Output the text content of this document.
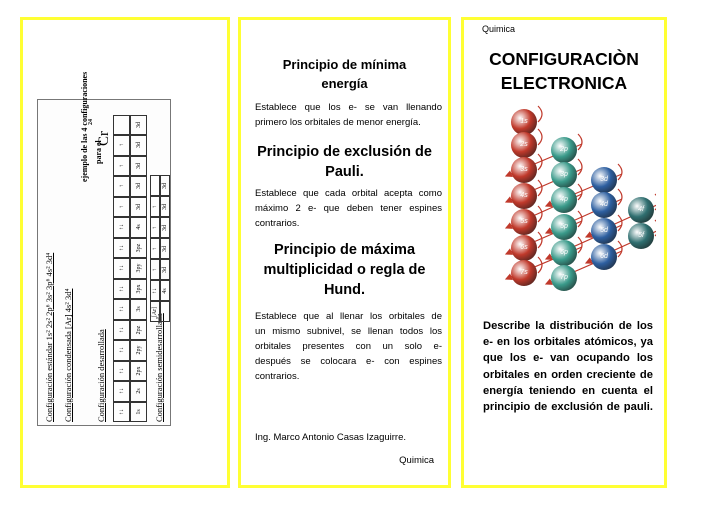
Configuración estándar 1s² 2s² 2p⁶ 3s² 3p⁶ 4s² 3d⁴ Configuración condensada [Ar] 4s² 3d⁴	Configuración desarrollada	Configuración semidesarrollada
ejemplo de las 4 configuraciones para el
Cr
24
↑↓ 1s
↑↓ 2s
↑↓ 2px
↑↓ 2py
↑↓ 2pz
↑↓ 3s
↑↓ 3px
↑↓ 3py
↑↓ 3pz
↑↓ 4s
↑ 3d
↑ 3d
↑ 3d
↑ 3d
3d
[Ar]
↑↓ 4s
↑ 3d
↑ 3d
↑ 3d
↑ 3d
3d
Principio de mínima energía
Establece que los e- se van llenando
primero los orbitales de menor energía.
Principio de exclusión de Pauli.
Establece que cada orbital acepta como
máximo 2 e- que deben tener espines
contrarios.
Principio de máxima multiplicidad o regla de Hund.
Establece que al llenar los orbitales de
un mismo subnivel, se llenan todos los
orbitales presentes con un solo e-
después se colocara e- con espines
contrarios.
Ing. Marco Antonio Casas Izaguirre.
Quimica
Quimica
CONFIGURACIÒN
ELECTRONICA
1s
2s
2p
3s
3p
3d
4s
4p
4d
4f
5s
5p
5d
5f
6s
6p
6d
7s
7p
Describe la distribución de los e- en los orbitales atómicos, ya que los e- van ocupando los orbitales en orden creciente de energía teniendo en cuenta el principio de exclusión de pauli.
